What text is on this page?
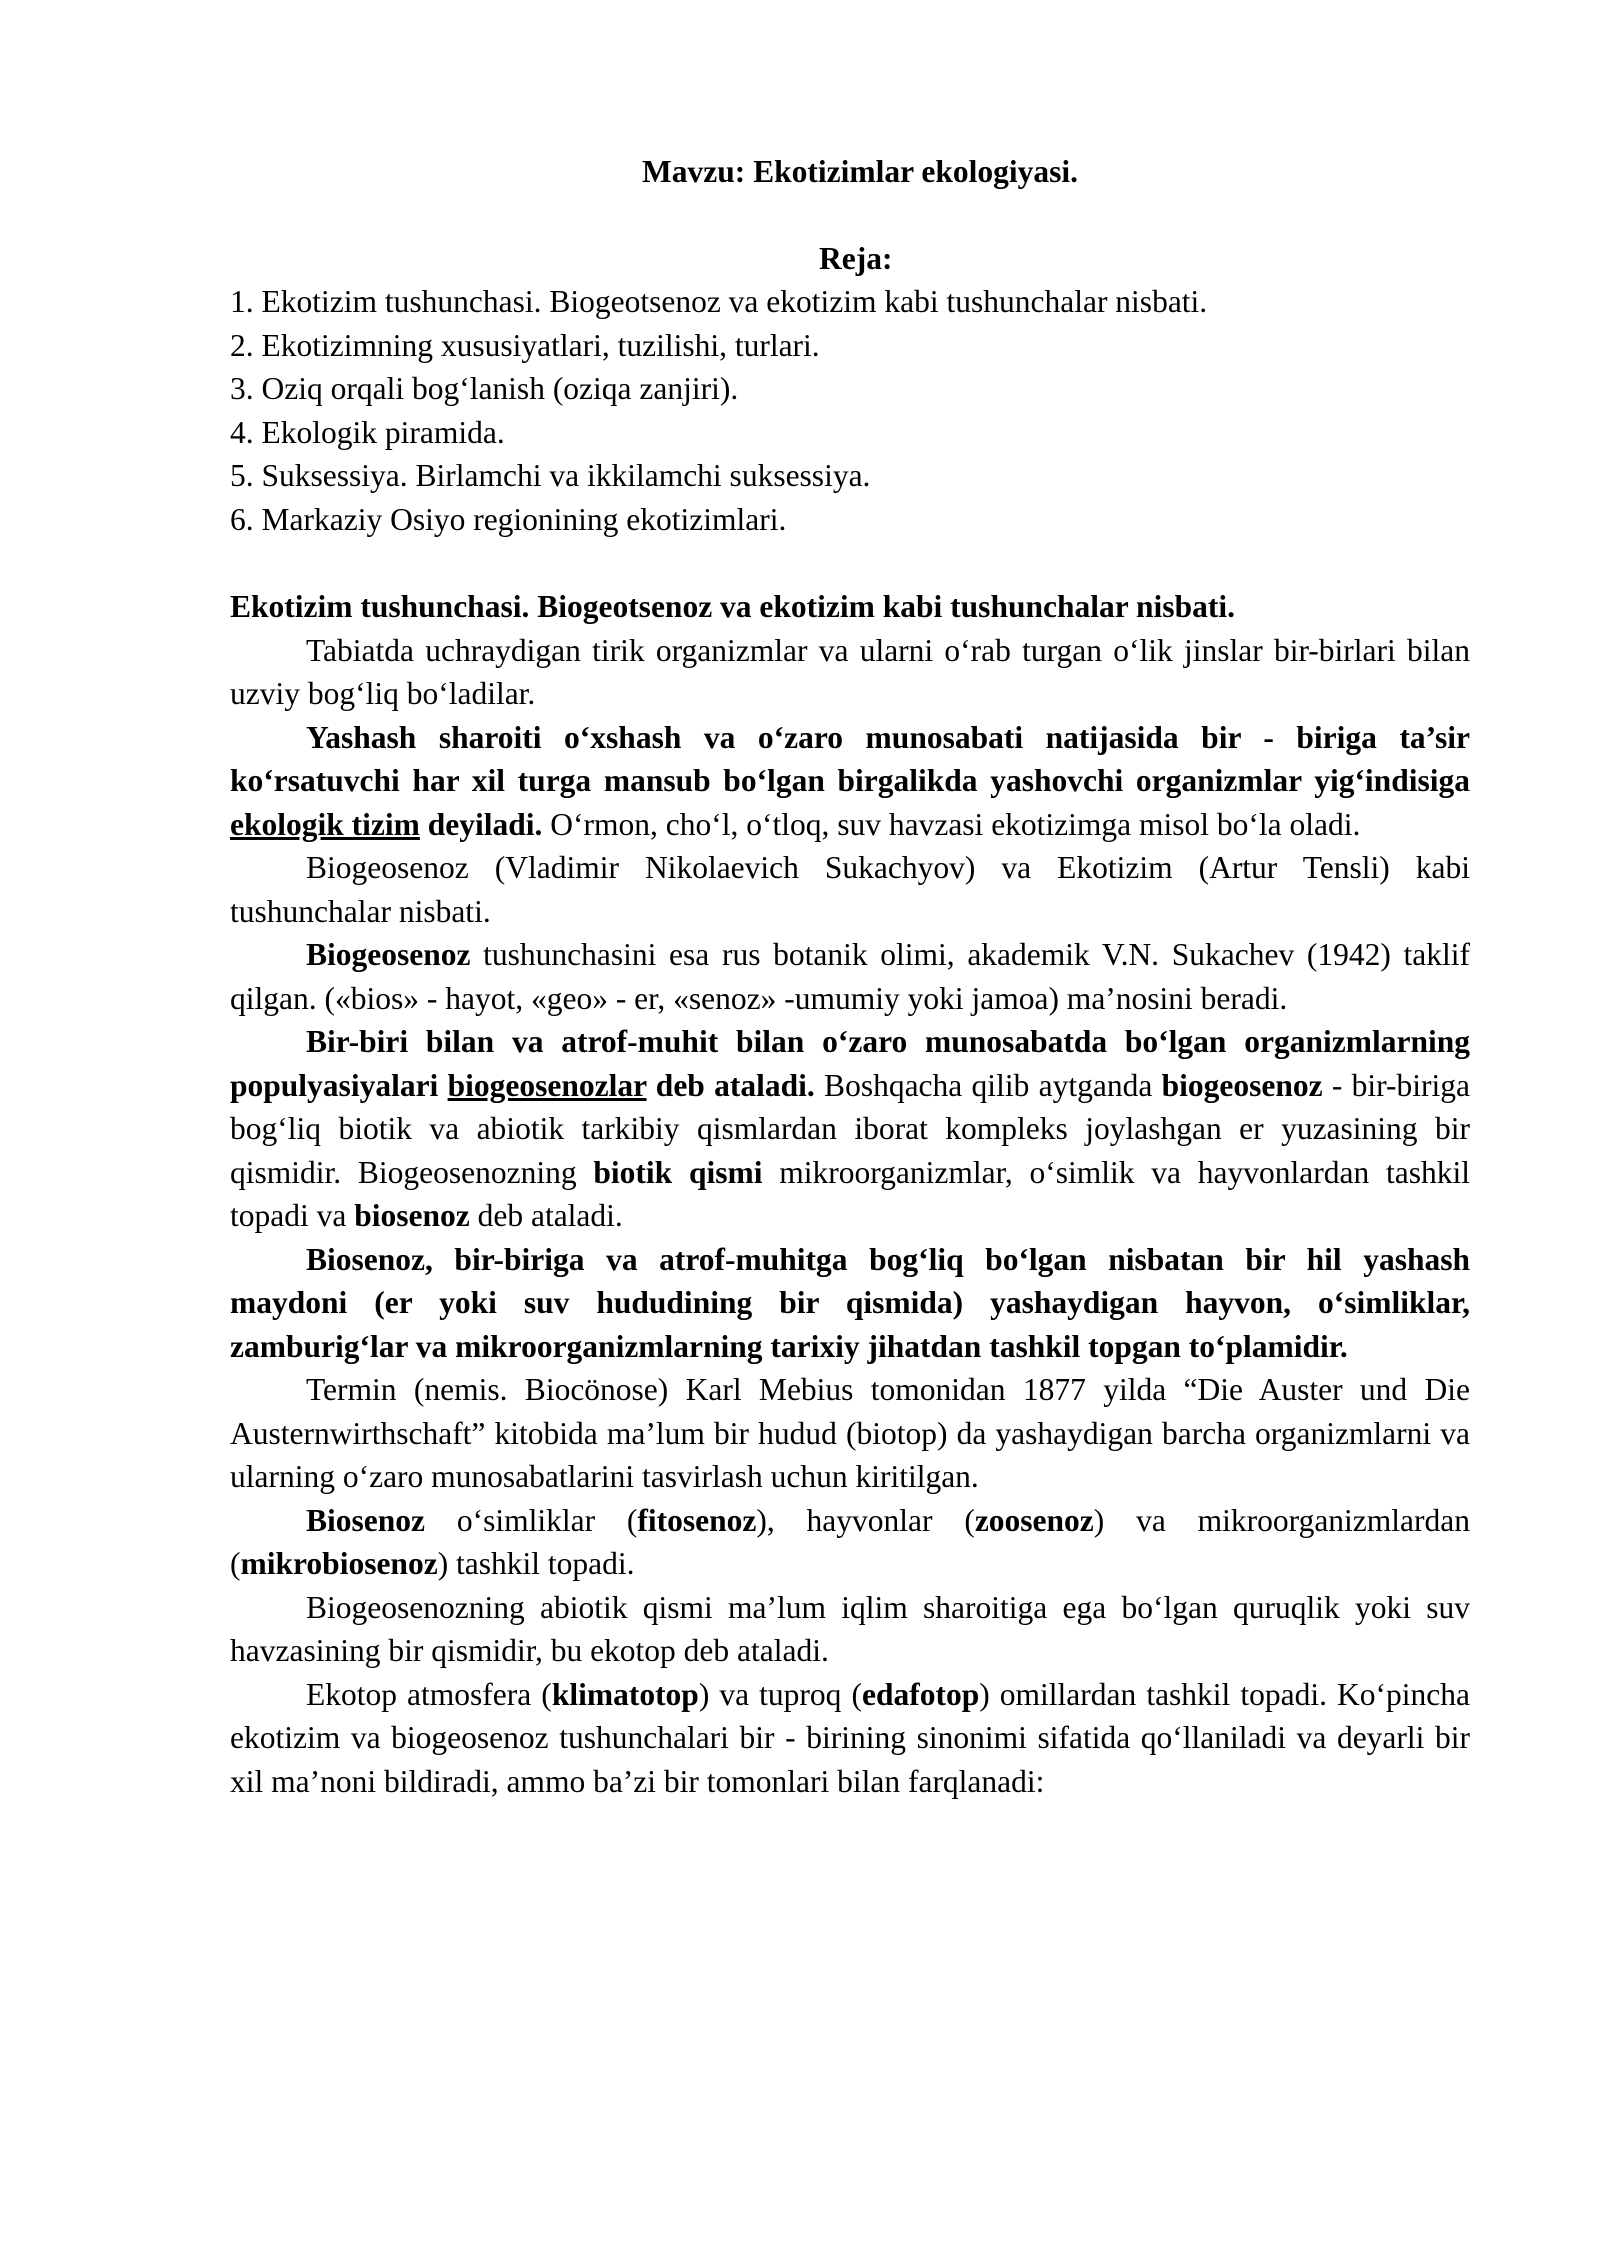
Mavzu: Ekotizimlar ekologiyasi.
Reja:
1. Ekotizim tushunchasi. Biogeotsenoz va ekotizim kabi tushunchalar nisbati.
2. Ekotizimning xususiyatlari, tuzilishi, turlari.
3. Oziq orqali bog‘lanish (oziqa zanjiri).
4. Ekologik piramida.
5. Suksessiya. Birlamchi va ikkilamchi suksessiya.
6. Markaziy Osiyo regionining ekotizimlari.
Ekotizim tushunchasi. Biogeotsenoz va ekotizim kabi tushunchalar nisbati.

Tabiatda uchraydigan tirik organizmlar va ularni o‘rab turgan o‘lik jinslar bir-birlari bilan uzviy bog‘liq bo‘ladilar.

Yashash sharoiti o‘xshash va o‘zaro munosabati natijasida bir - biriga ta’sir ko‘rsatuvchi har xil turga mansub bo‘lgan birgalikda yashovchi organizmlar yig‘indisiga ekologik tizim deyiladi. O‘rmon, cho‘l, o‘tloq, suv havzasi ekotizimga misol bo‘la oladi.

Biogeosenoz (Vladimir Nikolaevich Sukachyov) va Ekotizim (Artur Tensli) kabi tushunchalar nisbati.

Biogeosenoz tushunchasini esa rus botanik olimi, akademik V.N. Sukachev (1942) taklif qilgan. («bios» - hayot, «geo» - er, «senoz» -umumiy yoki jamoa) ma’nosini beradi.

Bir-biri bilan va atrof-muhit bilan o‘zaro munosabatda bo‘lgan organizmlarning populyasiyalari biogeosenozlar deb ataladi. Boshqacha qilib aytganda biogeosenoz - bir-biriga bog‘liq biotik va abiotik tarkibiy qismlardan iborat kompleks joylashgan er yuzasining bir qismidir. Biogeosenozning biotik qismi mikroorganizmlar, o‘simlik va hayvonlardan tashkil topadi va biosenoz deb ataladi.

Biosenoz, bir-biriga va atrof-muhitga bog‘liq bo‘lgan nisbatan bir hil yashash maydoni (er yoki suv hududining bir qismida) yashaydigan hayvon, o‘simliklar, zamburig‘lar va mikroorganizmlarning tarixiy jihatdan tashkil topgan to‘plamidir.

Termin (nemis. Biocönose) Karl Mebius tomonidan 1877 yilda “Die Auster und Die Austernwirthschaft” kitobida ma’lum bir hudud (biotop) da yashaydigan barcha organizmlarni va ularning o‘zaro munosabatlarini tasvirlash uchun kiritilgan.

Biosenoz o‘simliklar (fitosenoz), hayvonlar (zoosenoz) va mikroorganizmlardan (mikrobiosenoz) tashkil topadi.

Biogeosenozning abiotik qismi ma’lum iqlim sharoitiga ega bo‘lgan quruqlik yoki suv havzasining bir qismidir, bu ekotop deb ataladi.

Ekotop atmosfera (klimatotop) va tuproq (edafotop) omillardan tashkil topadi. Ko‘pincha ekotizim va biogeosenoz tushunchalari bir - birining sinonimi sifatida qo‘llaniladi va deyarli bir xil ma’noni bildiradi, ammo ba’zi bir tomonlari bilan farqlanadi:
